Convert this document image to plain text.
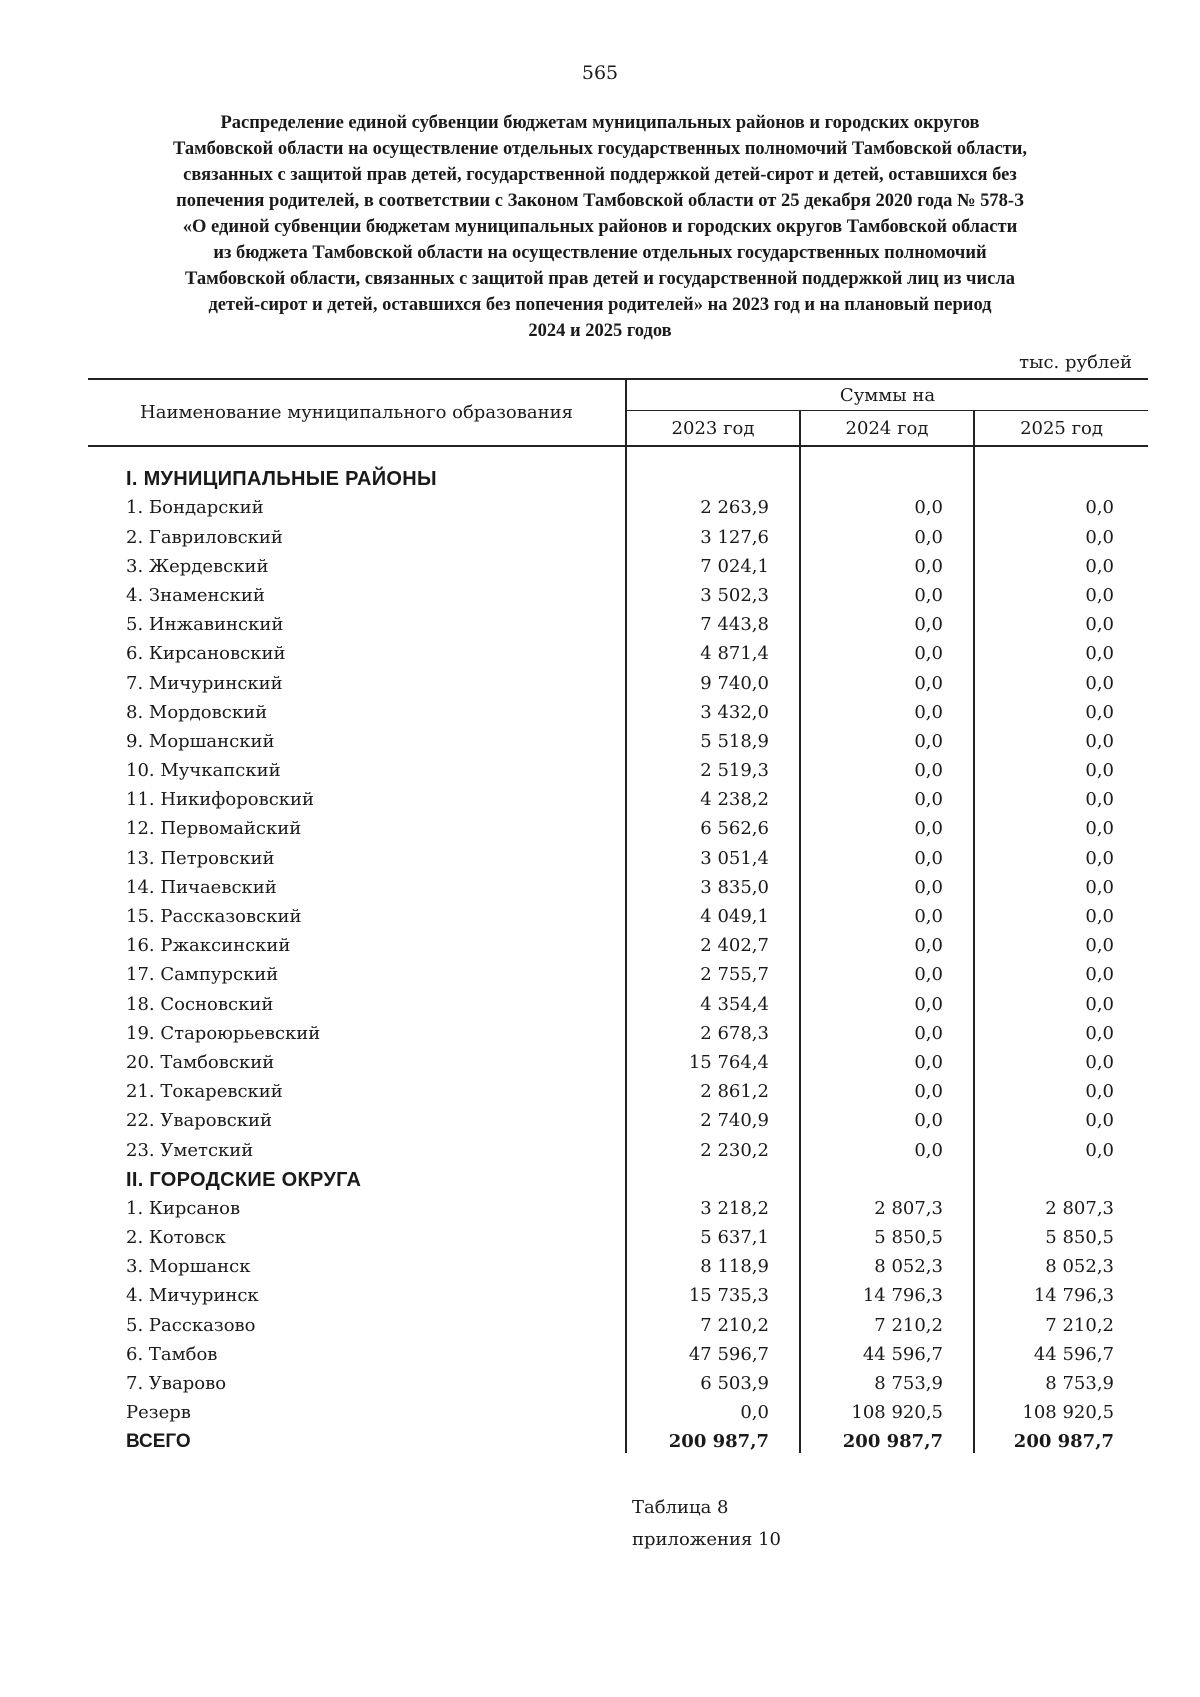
565
Распределение единой субвенции бюджетам муниципальных районов и городских округов
Тамбовской области на осуществление отдельных государственных полномочий Тамбовской области,
связанных с защитой прав детей, государственной поддержкой детей-сирот и детей, оставшихся без
попечения родителей, в соответствии с Законом Тамбовской области от 25 декабря 2020 года № 578-З
«О единой субвенции бюджетам муниципальных районов и городских округов Тамбовской области
из бюджета Тамбовской области на осуществление отдельных государственных полномочий
Тамбовской области, связанных с защитой прав детей и государственной поддержкой лиц из числа
детей-сирот и детей, оставшихся без попечения родителей» на 2023 год и на плановый период
2024 и 2025 годов
тыс. рублей
Наименование муниципального образования	Суммы на		
	2023 год	2024 год	2025 год

I. МУНИЦИПАЛЬНЫЕ РАЙОНЫ			
1. Бондарский	2 263,9	0,0	0,0
2. Гавриловский	3 127,6	0,0	0,0
3. Жердевский	7 024,1	0,0	0,0
4. Знаменский	3 502,3	0,0	0,0
5. Инжавинский	7 443,8	0,0	0,0
6. Кирсановский	4 871,4	0,0	0,0
7. Мичуринский	9 740,0	0,0	0,0
8. Мордовский	3 432,0	0,0	0,0
9. Моршанский	5 518,9	0,0	0,0
10. Мучкапский	2 519,3	0,0	0,0
11. Никифоровский	4 238,2	0,0	0,0
12. Первомайский	6 562,6	0,0	0,0
13. Петровский	3 051,4	0,0	0,0
14. Пичаевский	3 835,0	0,0	0,0
15. Рассказовский	4 049,1	0,0	0,0
16. Ржаксинский	2 402,7	0,0	0,0
17. Сампурский	2 755,7	0,0	0,0
18. Сосновский	4 354,4	0,0	0,0
19. Староюрьевский	2 678,3	0,0	0,0
20. Тамбовский	15 764,4	0,0	0,0
21. Токаревский	2 861,2	0,0	0,0
22. Уваровский	2 740,9	0,0	0,0
23. Уметский	2 230,2	0,0	0,0
II. ГОРОДСКИЕ ОКРУГА			
1. Кирсанов	3 218,2	2 807,3	2 807,3
2. Котовск	5 637,1	5 850,5	5 850,5
3. Моршанск	8 118,9	8 052,3	8 052,3
4. Мичуринск	15 735,3	14 796,3	14 796,3
5. Рассказово	7 210,2	7 210,2	7 210,2
6. Тамбов	47 596,7	44 596,7	44 596,7
7. Уварово	6 503,9	8 753,9	8 753,9
Резерв	0,0	108 920,5	108 920,5
ВСЕГО	200 987,7	200 987,7	200 987,7
Таблица 8
приложения 10
